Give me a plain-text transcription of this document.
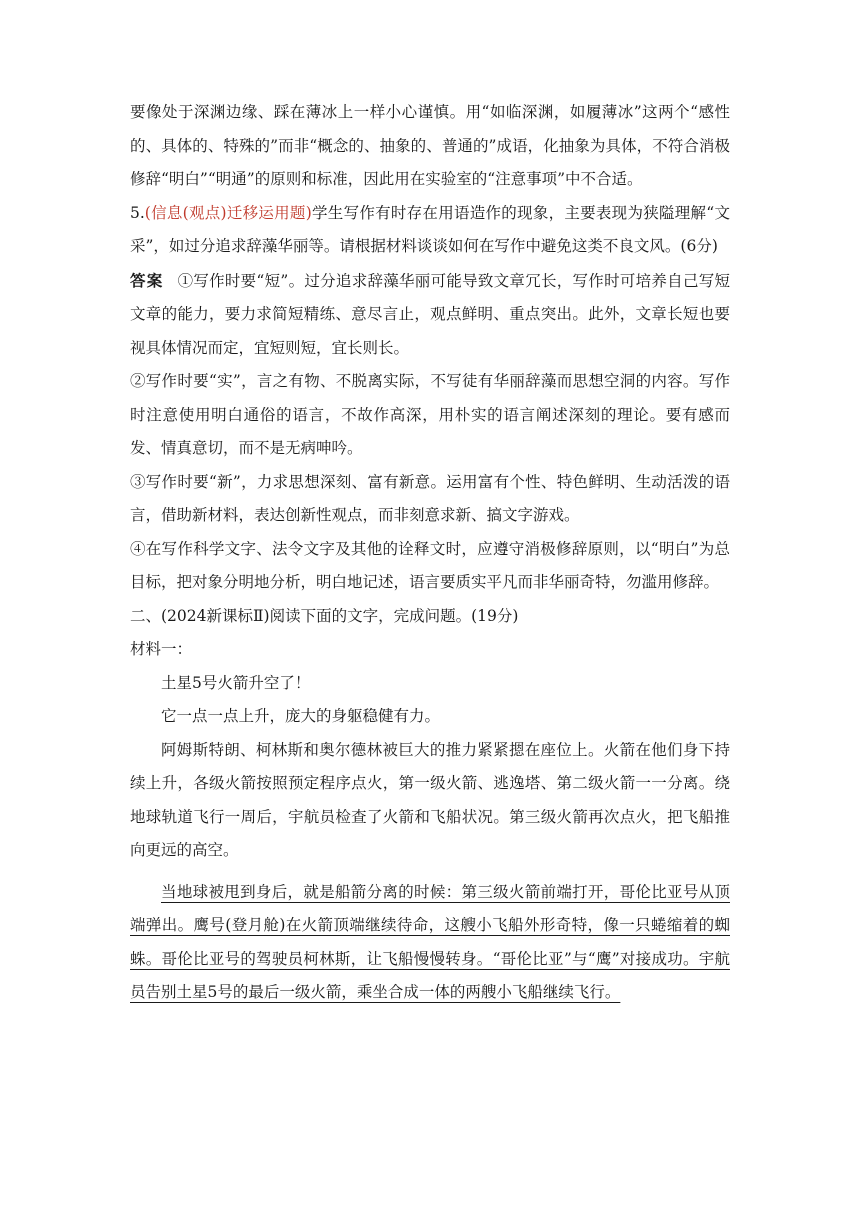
要像处于深渊边缘、踩在薄冰上一样小心谨慎。用“如临深渊，如履薄冰”这两个“感性的、具体的、特殊的”而非“概念的、抽象的、普通的”成语，化抽象为具体，不符合消极修辞“明白”“明通”的原则和标准，因此用在实验室的“注意事项”中不合适。

5.(信息(观点)迁移运用题)学生写作有时存在用语造作的现象，主要表现为狭隘理解“文采”，如过分追求辞藻华丽等。请根据材料谈谈如何在写作中避免这类不良文风。(6分)

答案 ①写作时要“短”。过分追求辞藻华丽可能导致文章冗长，写作时可培养自己写短文章的能力，要力求简短精练、意尽言止，观点鲜明、重点突出。此外，文章长短也要视具体情况而定，宜短则短，宜长则长。

②写作时要“实”，言之有物、不脱离实际，不写徒有华丽辞藻而思想空洞的内容。写作时注意使用明白通俗的语言，不故作高深，用朴实的语言阐述深刻的理论。要有感而发、情真意切，而不是无病呻吟。

③写作时要“新”，力求思想深刻、富有新意。运用富有个性、特色鲜明、生动活泼的语言，借助新材料，表达创新性观点，而非刻意求新、搞文字游戏。

④在写作科学文字、法令文字及其他的诠释文时，应遵守消极修辞原则，以“明白”为总目标，把对象分明地分析，明白地记述，语言要质实平凡而非华丽奇特，勿滥用修辞。

二、(2024新课标Ⅱ)阅读下面的文字，完成问题。(19分)

材料一：

土星5号火箭升空了！

它一点一点上升，庞大的身躯稳健有力。

阿姆斯特朗、柯林斯和奥尔德林被巨大的推力紧紧摁在座位上。火箭在他们身下持续上升，各级火箭按照预定程序点火，第一级火箭、逃逸塔、第二级火箭一一分离。绕地球轨道飞行一周后，宇航员检查了火箭和飞船状况。第三级火箭再次点火，把飞船推向更远的高空。

当地球被甩到身后，就是船箭分离的时候：第三级火箭前端打开，哥伦比亚号从顶端弹出。鹰号(登月舱)在火箭顶端继续待命，这艘小飞船外形奇特，像一只蜷缩着的蜘蛛。哥伦比亚号的驾驶员柯林斯，让飞船慢慢转身。“哥伦比亚”与“鹰”对接成功。宇航员告别土星5号的最后一级火箭，乘坐合成一体的两艘小飞船继续飞行。
